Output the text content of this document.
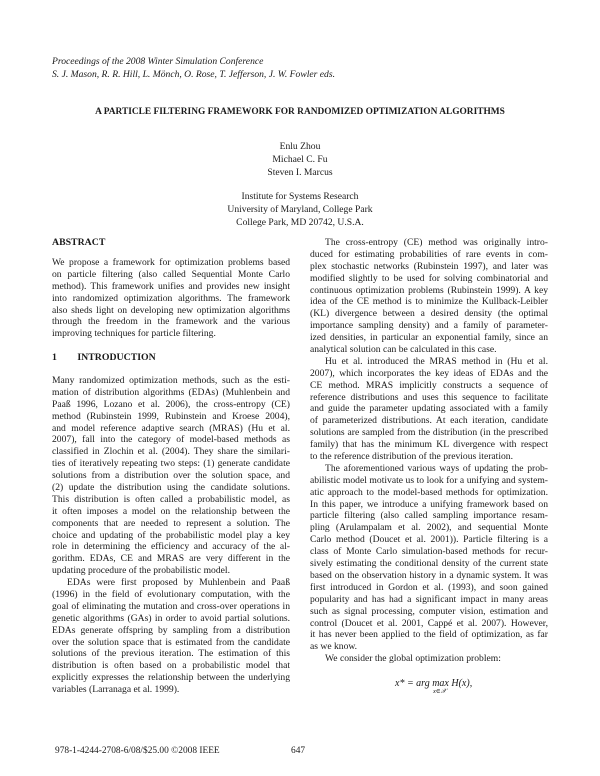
Proceedings of the 2008 Winter Simulation Conference
S. J. Mason, R. R. Hill, L. Mönch, O. Rose, T. Jefferson, J. W. Fowler eds.
A PARTICLE FILTERING FRAMEWORK FOR RANDOMIZED OPTIMIZATION ALGORITHMS
Enlu Zhou
Michael C. Fu
Steven I. Marcus
Institute for Systems Research
University of Maryland, College Park
College Park, MD 20742, U.S.A.
ABSTRACT
We propose a framework for optimization problems based
on particle filtering (also called Sequential Monte Carlo
method). This framework unifies and provides new insight
into randomized optimization algorithms. The framework
also sheds light on developing new optimization algorithms
through the freedom in the framework and the various
improving techniques for particle filtering.
1 INTRODUCTION
Many randomized optimization methods, such as the esti-
mation of distribution algorithms (EDAs) (Muhlenbein and
Paaß 1996, Lozano et al. 2006), the cross-entropy (CE)
method (Rubinstein 1999, Rubinstein and Kroese 2004),
and model reference adaptive search (MRAS) (Hu et al.
2007), fall into the category of model-based methods as
classified in Zlochin et al. (2004). They share the similari-
ties of iteratively repeating two steps: (1) generate candidate
solutions from a distribution over the solution space, and
(2) update the distribution using the candidate solutions.
This distribution is often called a probabilistic model, as
it often imposes a model on the relationship between the
components that are needed to represent a solution. The
choice and updating of the probabilistic model play a key
role in determining the efficiency and accuracy of the al-
gorithm. EDAs, CE and MRAS are very different in the
updating procedure of the probabilistic model.
EDAs were first proposed by Muhlenbein and Paaß
(1996) in the field of evolutionary computation, with the
goal of eliminating the mutation and cross-over operations in
genetic algorithms (GAs) in order to avoid partial solutions.
EDAs generate offspring by sampling from a distribution
over the solution space that is estimated from the candidate
solutions of the previous iteration. The estimation of this
distribution is often based on a probabilistic model that
explicitly expresses the relationship between the underlying
variables (Larranaga et al. 1999).
The cross-entropy (CE) method was originally intro-
duced for estimating probabilities of rare events in com-
plex stochastic networks (Rubinstein 1997), and later was
modified slightly to be used for solving combinatorial and
continuous optimization problems (Rubinstein 1999). A key
idea of the CE method is to minimize the Kullback-Leibler
(KL) divergence between a desired density (the optimal
importance sampling density) and a family of parameter-
ized densities, in particular an exponential family, since an
analytical solution can be calculated in this case.
Hu et al. introduced the MRAS method in (Hu et al.
2007), which incorporates the key ideas of EDAs and the
CE method. MRAS implicitly constructs a sequence of
reference distributions and uses this sequence to facilitate
and guide the parameter updating associated with a family
of parameterized distributions. At each iteration, candidate
solutions are sampled from the distribution (in the prescribed
family) that has the minimum KL divergence with respect
to the reference distribution of the previous iteration.
The aforementioned various ways of updating the prob-
abilistic model motivate us to look for a unifying and system-
atic approach to the model-based methods for optimization.
In this paper, we introduce a unifying framework based on
particle filtering (also called sampling importance resam-
pling (Arulampalam et al. 2002), and sequential Monte
Carlo method (Doucet et al. 2001)). Particle filtering is a
class of Monte Carlo simulation-based methods for recur-
sively estimating the conditional density of the current state
based on the observation history in a dynamic system. It was
first introduced in Gordon et al. (1993), and soon gained
popularity and has had a significant impact in many areas
such as signal processing, computer vision, estimation and
control (Doucet et al. 2001, Cappé et al. 2007). However,
it has never been applied to the field of optimization, as far
as we know.
We consider the global optimization problem:
x* = arg max H(x),
x∈𝒳
978-1-4244-2708-6/08/$25.00 ©2008 IEEE	647
